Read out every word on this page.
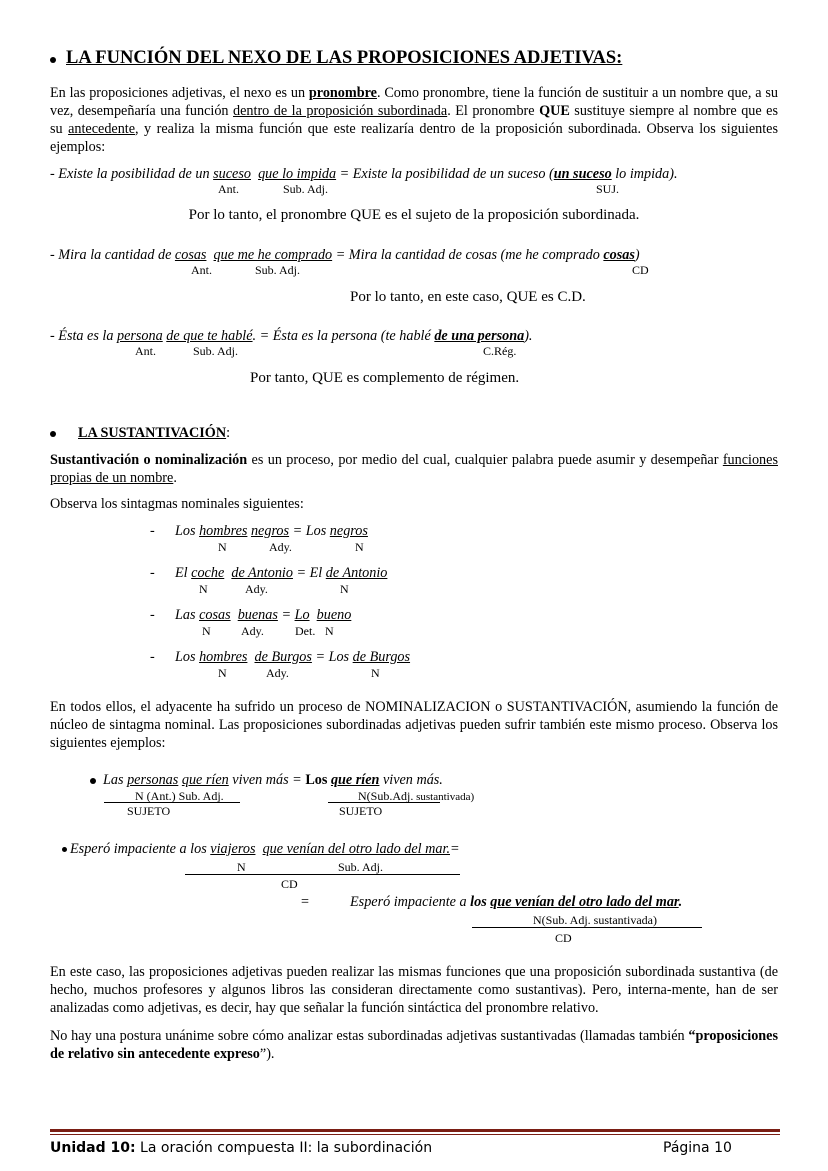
LA FUNCIÓN DEL NEXO DE LAS PROPOSICIONES ADJETIVAS:
En las proposiciones adjetivas, el nexo es un pronombre. Como pronombre, tiene la función de sustituir a un nombre que, a su vez, desempeñaría una función dentro de la proposición subordinada. El pronombre QUE sustituye siempre al nombre que es su antecedente, y realiza la misma función que este realizaría dentro de la proposición subordinada. Observa los siguientes ejemplos:
- Existe la posibilidad de un suceso que lo impida = Existe la posibilidad de un suceso (un suceso lo impida).
Ant.	Sub. Adj.	SUJ.
Por lo tanto, el pronombre QUE es el sujeto de la proposición subordinada.
- Mira la cantidad de cosas que me he comprado = Mira la cantidad de cosas (me he comprado cosas)
Ant.	Sub. Adj.	CD
Por lo tanto, en este caso, QUE es C.D.
- Ésta es la persona de que te hablé. = Ésta es la persona (te hablé de una persona).
Ant.	Sub. Adj.	C.Rég.
Por tanto, QUE es complemento de régimen.
LA SUSTANTIVACIÓN:
Sustantivación o nominalización es un proceso, por medio del cual, cualquier palabra puede asumir y desempeñar funciones propias de un nombre.
Observa los sintagmas nominales siguientes:
- Los hombres negros = Los negros
N	Ady.	N
- El coche de Antonio = El de Antonio
N	Ady.	N
- Las cosas buenas = Lo bueno
N	Ady.	Det. N
- Los hombres de Burgos = Los de Burgos
N	Ady.	N
En todos ellos, el adyacente ha sufrido un proceso de NOMINALIZACION o SUSTANTIVACIÓN, asumiendo la función de núcleo de sintagma nominal. Las proposiciones subordinadas adjetivas pueden sufrir también este mismo proceso. Observa los siguientes ejemplos:
Las personas que ríen viven más = Los que ríen viven más.
N (Ant.) Sub. Adj.	N(Sub.Adj. sustantivada)
SUJETO	SUJETO
Esperó impaciente a los viajeros que venían del otro lado del mar.=
N	Sub. Adj.
CD
=	Esperó impaciente a los que venían del otro lado del mar.
N(Sub. Adj. sustantivada)
CD
En este caso, las proposiciones adjetivas pueden realizar las mismas funciones que una proposición subordinada sustantiva (de hecho, muchos profesores y algunos libros las consideran directamente como sustantivas). Pero, interna-mente, han de ser analizadas como adjetivas, es decir, hay que señalar la función sintáctica del pronombre relativo.
No hay una postura unánime sobre cómo analizar estas subordinadas adjetivas sustantivadas (llamadas también “proposiciones de relativo sin antecedente expreso”).
Unidad 10: La oración compuesta II: la subordinación	Página 10
